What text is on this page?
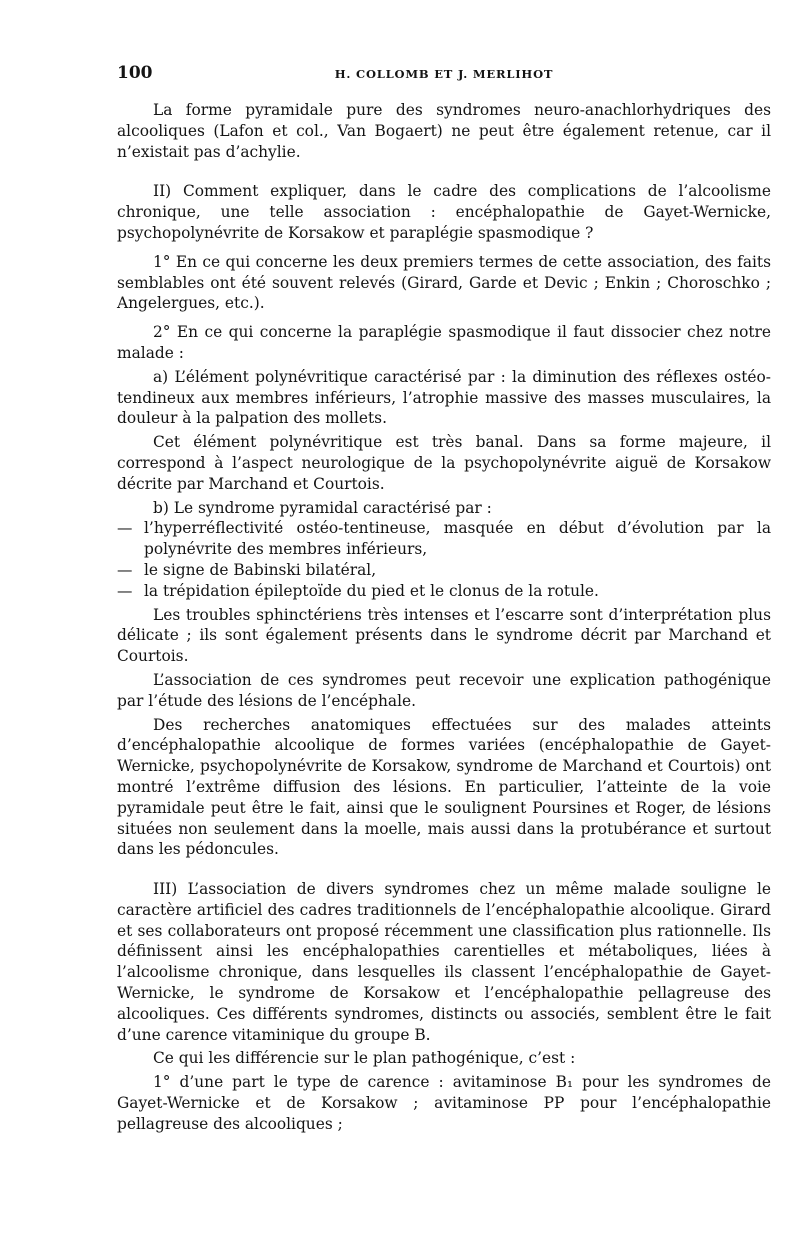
100	H. COLLOMB ET J. MERLIHOT

La forme pyramidale pure des syndromes neuro-anachlorhydriques des alcooliques (Lafon et col., Van Bogaert) ne peut être également retenue, car il n’existait pas d’achylie.

II) Comment expliquer, dans le cadre des complications de l’alcoolisme chronique, une telle association : encéphalopathie de Gayet-Wernicke, psychopolynévrite de Korsakow et paraplégie spasmodique ?

1° En ce qui concerne les deux premiers termes de cette association, des faits semblables ont été souvent relevés (Girard, Garde et Devic ; Enkin ; Choroschko ; Angelergues, etc.).

2° En ce qui concerne la paraplégie spasmodique il faut dissocier chez notre malade :

a) L’élément polynévritique caractérisé par : la diminution des réflexes ostéo-tendineux aux membres inférieurs, l’atrophie massive des masses musculaires, la douleur à la palpation des mollets.

Cet élément polynévritique est très banal. Dans sa forme majeure, il correspond à l’aspect neurologique de la psychopolynévrite aiguë de Korsakow décrite par Marchand et Courtois.

b) Le syndrome pyramidal caractérisé par :

— l’hyperréflectivité ostéo-tentineuse, masquée en début d’évolution par la polynévrite des membres inférieurs,

— le signe de Babinski bilatéral,

— la trépidation épileptoïde du pied et le clonus de la rotule.

Les troubles sphinctériens très intenses et l’escarre sont d’interprétation plus délicate ; ils sont également présents dans le syndrome décrit par Marchand et Courtois.

L’association de ces syndromes peut recevoir une explication pathogénique par l’étude des lésions de l’encéphale.

Des recherches anatomiques effectuées sur des malades atteints d’encéphalopathie alcoolique de formes variées (encéphalopathie de Gayet-Wernicke, psychopolynévrite de Korsakow, syndrome de Marchand et Courtois) ont montré l’extrême diffusion des lésions. En particulier, l’atteinte de la voie pyramidale peut être le fait, ainsi que le soulignent Poursines et Roger, de lésions situées non seulement dans la moelle, mais aussi dans la protubérance et surtout dans les pédoncules.

III) L’association de divers syndromes chez un même malade souligne le caractère artificiel des cadres traditionnels de l’encéphalopathie alcoolique. Girard et ses collaborateurs ont proposé récemment une classification plus rationnelle. Ils définissent ainsi les encéphalopathies carentielles et métaboliques, liées à l’alcoolisme chronique, dans lesquelles ils classent l’encéphalopathie de Gayet-Wernicke, le syndrome de Korsakow et l’encéphalopathie pellagreuse des alcooliques. Ces différents syndromes, distincts ou associés, semblent être le fait d’une carence vitaminique du groupe B.

Ce qui les différencie sur le plan pathogénique, c’est :

1° d’une part le type de carence : avitaminose B₁ pour les syndromes de Gayet-Wernicke et de Korsakow ; avitaminose PP pour l’encéphalopathie pellagreuse des alcooliques ;
